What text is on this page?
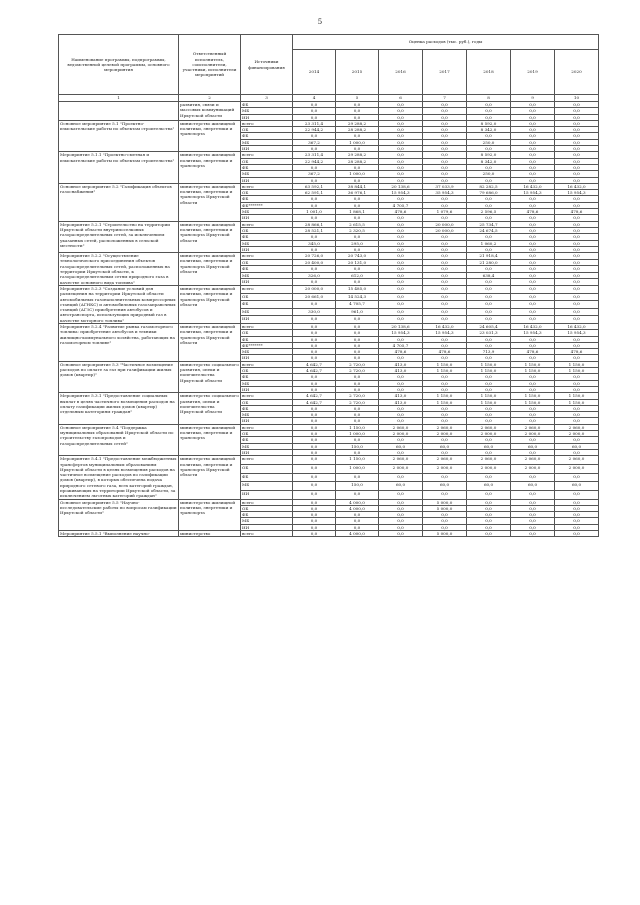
5
Наименование программы, подпрограммы, ведомственной целевой программы, основного мероприятия	Ответственный исполнитель, соисполнители, участники, исполнители мероприятий	Источники финансирования	Оценка расходов (тыс. руб.), годы						
			2014	2015	2016	2017	2018	2019	2020
1	2	3	4	5	6	7	8	9	10
	развития, связи и массовых коммуникаций Иркутской области	ФБ	0,0	0,0	0,0	0,0	0,0	0,0	0,0
		МБ	0,0	0,0	0,0	0,0	0,0	0,0	0,0
		ИИ	0,0	0,0	0,0	0,0	0,0	0,0	0,0
Основное мероприятие 5.1 "Проектно-изыскательские работы по объектам строительства"	министерство жилищной политики, энергетики и транспорта	всего	23 311,4	29 288,2	0,0	0,0	8 592,0	0,0	0,0
		ОБ	22 944,2	28 288,2	0,0	0,0	8 342,0	0,0	0,0
		ФБ	0,0	0,0	0,0	0,0	0,0	0,0	0,0
		МБ	367,2	1 000,0	0,0	0,0	250,0	0,0	0,0
		ИИ	0,0	0,0	0,0	0,0	0,0	0,0	0,0
Мероприятие 5.1.1 "Проектно-сметная и изыскательские работы по объектам строительства"	министерство жилищной политики, энергетики и транспорта	всего	23 311,4	29 288,2	0,0	0,0	8 592,0	0,0	0,0
		ОБ	22 944,2	28 288,2	0,0	0,0	8 342,0	0,0	0,0
		ФБ	0,0	0,0	0,0	0,0	0,0	0,0	0,0
		МБ	367,2	1 000,0	0,0	0,0	250,0	0,0	0,0
		ИИ	0,0	0,0	0,0	0,0	0,0	0,0	0,0
Основное мероприятие 5.2 "Газификация объектов газоснабжения"	министерство жилищной политики, энергетики и транспорта Иркутской области	всего	63 592,1	38 844,1	20 138,6	37 033,9	82 282,5	16 432,0	16 432,0
		ОБ	62 591,1	36 976,1	15 954,3	35 954,3	79 686,0	15 954,3	15 954,3
		ФБ	0,0	0,0	0,0	0,0	0,0	0,0	0,0
		ФБ*******	0,0	0,0	4 705,7	0,0	0,0	0,0	0,0
		МБ	1 001,0	1 868,1	478,6	1 079,6	2 596,5	478,6	478,6
		ИИ	0,0	0,0	0,0	0,0	0,0	0,0	0,0
Мероприятие 5.2.1 "Строительство на территории Иркутской области внутрипоселковых газораспределительных сетей, за исключением указанных сетей, расположенных в сельской местности"	министерство жилищной политики, энергетики и транспорта Иркутской области	всего	28 866,1	2 615,5	0,0	20 000,0	25 734,7	0,0	0,0
		ОБ	28 521,1	2 320,5	0,0	20 000,0	24 674,5	0,0	0,0
		ФБ	0,0	0,0	0,0	0,0	0,0	0,0	0,0
		МБ	345,0	295,0	0,0	0,0	1 060,2	0,0	0,0
		ИИ	0,0	0,0	0,0	0,0	0,0	0,0	0,0
Мероприятие 5.2.2 "Осуществление технологического присоединения объектов газораспределительных сетей, расположенных на территории Иркутской области, к газораспределительным сетям природного газа в качестве основного вида топлива"	министерство жилищной политики, энергетики и транспорта Иркутской области	всего	20 726,0	20 743,0	0,0	0,0	21 918,4	0,0	0,0
		ОБ	20 400,0	20 131,0	0,0	0,0	21 280,0	0,0	0,0
		ФБ	0,0	0,0	0,0	0,0	0,0	0,0	0,0
		МБ	326,0	612,0	0,0	0,0	638,4	0,0	0,0
		ИИ	0,0	0,0	0,0	0,0	0,0	0,0	0,0
Мероприятие 5.2.3 "Создание условий для размещения на территории Иркутской области автомобильных газонаполнительных компрессорных станций (АГНКС) и автомобильных газозаправочных станций (АГЗС) приобретения автобусов и автотранспорта, использующих природный газ в качестве моторного топлива"	министерство жилищной политики, энергетики и транспорта Иркутской области	всего	20 000,0	15 485,0	0,0	0,0	0,0	0,0	0,0
		ОБ	20 661,0	14 524,3	0,0	0,0	0,0	0,0	0,0
		ФБ	0,0	4 705,7	0,0	0,0	0,0	0,0	0,0
		МБ	330,0	961,0	0,0	0,0	0,0	0,0	0,0
		ИИ	0,0	0,0	0,0	0,0	0,0	0,0	0,0
Мероприятие 5.2.4 "Развитие рынка газомоторного топлива: приобретение автобусов и техники жилищно-коммунального хозяйства, работающих на газомоторном топливе"	министерство жилищной политики, энергетики и транспорта Иркутской области	всего	0,0	0,0	20 138,6	16 432,0	24 605,4	16 432,0	16 432,0
		ОБ	0,0	0,0	15 954,3	15 954,3	23 031,3	15 954,3	15 954,3
		ФБ	0,0	0,0	0,0	0,0	0,0	0,0	0,0
		ФБ*******	0,0	0,0	4 705,7	0,0	0,0	0,0	0,0
		МБ	0,0	0,0	478,6	478,6	713,9	478,6	478,6
		ИИ	0,0	0,0	0,0	0,0	0,0	0,0	0,0
Основное мероприятие 5.3 "Частичное возмещение расходов по оплате за газ при газификации жилых домов (квартир)"	министерство социального развития, опеки и попечительства Иркутской области	всего	4 642,7	2 720,0	413,0	1 150,0	1 150,0	1 150,0	1 150,0
		ОБ	4 642,7	2 720,0	413,0	1 150,0	1 150,0	1 150,0	1 150,0
		ФБ	0,0	0,0	0,0	0,0	0,0	0,0	0,0
		МБ	0,0	0,0	0,0	0,0	0,0	0,0	0,0
		ИИ	0,0	0,0	0,0	0,0	0,0	0,0	0,0
Мероприятие 5.3.1 "Предоставление социальных выплат в целях частичного возмещения расходов на оплату газификации жилых домов (квартир) отдельным категориям граждан"	министерство социального развития, опеки и попечительства Иркутской области	всего	4 642,7	2 720,0	413,0	1 150,0	1 150,0	1 150,0	1 150,0
		ОБ	4 642,7	2 720,0	413,0	1 150,0	1 150,0	1 150,0	1 150,0
		ФБ	0,0	0,0	0,0	0,0	0,0	0,0	0,0
		МБ	0,0	0,0	0,0	0,0	0,0	0,0	0,0
		ИИ	0,0	0,0	0,0	0,0	0,0	0,0	0,0
Основное мероприятие 5.4 "Поддержка муниципальных образований Иркутской области по строительству газопроводов и газораспределительных сетей"	министерство жилищной политики, энергетики и транспорта	всего	0,0	1 150,0	2 060,0	2 060,0	2 060,0	2 060,0	2 060,0
		ОБ	0,0	1 000,0	2 000,0	2 000,0	2 000,0	2 000,0	2 000,0
		ФБ	0,0	0,0	0,0	0,0	0,0	0,0	0,0
		МБ	0,0	150,0	60,0	60,0	60,0	60,0	60,0
		ИИ	0,0	0,0	0,0	0,0	0,0	0,0	0,0
Мероприятие 5.4.1 "Предоставление межбюджетных трансфертов муниципальным образованиям Иркутской области в целях возмещения расходов на частичное возмещение расходов по газификации домов (квартир), в которых обеспечена подача природного сетевого газа, всех категорий граждан, проживающих на территории Иркутской области, за исключением льготных категорий граждан"	министерство жилищной политики, энергетики и транспорта Иркутской области	всего	0,0	1 150,0	2 060,0	2 060,0	2 060,0	2 060,0	2 060,0
		ОБ	0,0	1 000,0	2 000,0	2 000,0	2 000,0	2 000,0	2 000,0
		ФБ	0,0	0,0	0,0	0,0	0,0	0,0	0,0
		МБ	0,0	150,0	60,0	60,0	60,0	60,0	60,0
		ИИ	0,0	0,0	0,0	0,0	0,0	0,0	0,0
Основное мероприятие 5.5 "Научно-исследовательские работы по вопросам газификации Иркутской области"	министерство жилищной политики, энергетики и транспорта	всего	0,0	4 000,0	0,0	5 000,0	0,0	0,0	0,0
		ОБ	0,0	4 000,0	0,0	5 000,0	0,0	0,0	0,0
		ФБ	0,0	0,0	0,0	0,0	0,0	0,0	0,0
		МБ	0,0	0,0	0,0	0,0	0,0	0,0	0,0
		ИИ	0,0	0,0	0,0	0,0	0,0	0,0	0,0
Мероприятие 5.5.1 "Выполнение научно-	министерство	всего	0,0	4 000,0	0,0	5 000,0	0,0	0,0	0,0
